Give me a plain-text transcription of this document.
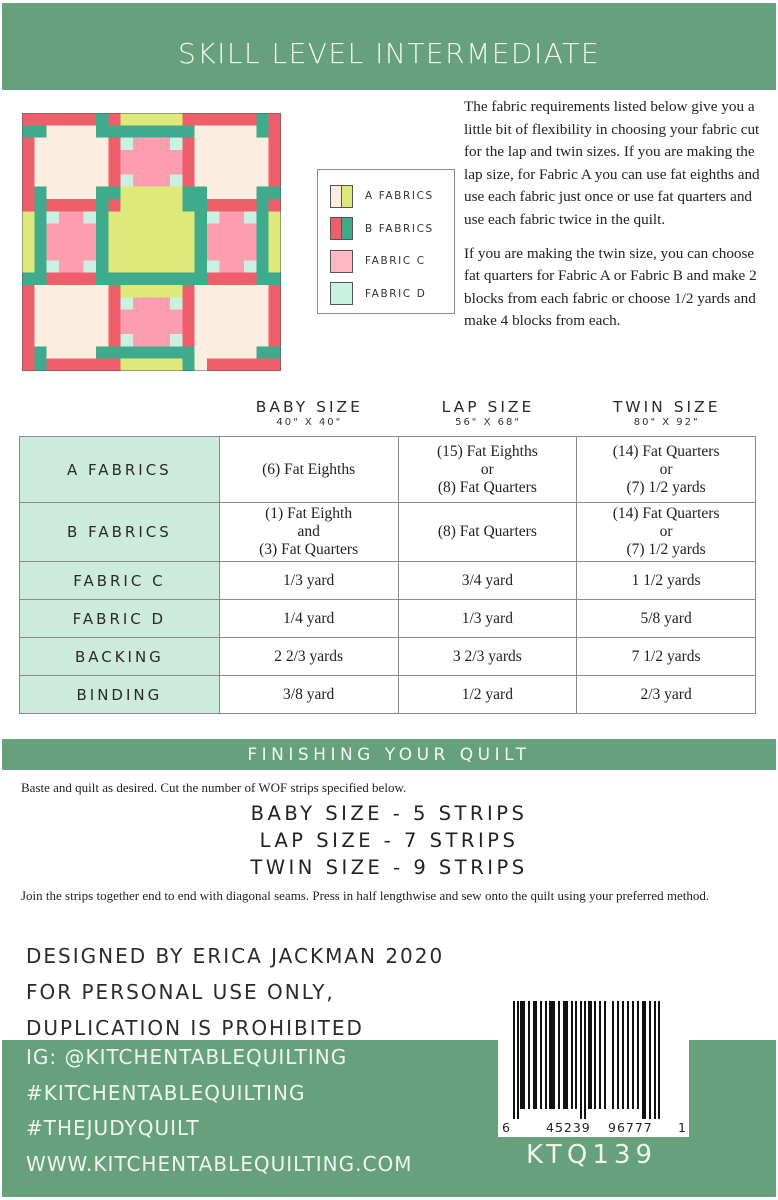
SKILL LEVEL INTERMEDIATE
A FABRICS
B FABRICS
FABRIC C
FABRIC D

The fabric requirements listed below give you a little bit of flexibility in choosing your fabric cut for the lap and twin sizes. If you are making the lap size, for Fabric A you can use fat eighths and use each fabric just once or use fat quarters and use each fabric twice in the quilt.

If you are making the twin size, you can choose fat quarters for Fabric A or Fabric B and make 2 blocks from each fabric or choose 1/2 yards and make 4 blocks from each.

BABY SIZE
40" X 40"
LAP SIZE
56" X 68"
TWIN SIZE
80" X 92"
A FABRICS	(6) Fat Eighths	(15) Fat Eighths
or
(8) Fat Quarters	(14) Fat Quarters
or
(7) 1/2 yards

B FABRICS	(1) Fat Eighth
and
(3) Fat Quarters	(8) Fat Quarters	(14) Fat Quarters
or
(7) 1/2 yards

FABRIC C	1/3 yard	3/4 yard	1 1/2 yards
FABRIC D	1/4 yard	1/3 yard	5/8 yard
BACKING	2 2/3 yards	3 2/3 yards	7 1/2 yards
BINDING	3/8 yard	1/2 yard	2/3 yard
FINISHING YOUR QUILT
Baste and quilt as desired. Cut the number of WOF strips specified below.
BABY SIZE - 5 STRIPS
LAP SIZE - 7 STRIPS
TWIN SIZE - 9 STRIPS
Join the strips together end to end with diagonal seams. Press in half lengthwise and sew onto the quilt using your preferred method.
DESIGNED BY ERICA JACKMAN 2020
FOR PERSONAL USE ONLY,
DUPLICATION IS PROHIBITED
IG: @KITCHENTABLEQUILTING
#KITCHENTABLEQUILTING
#THEJUDYQUILT
WWW.KITCHENTABLEQUILTING.COM
6	45239 96777 1
KTQ139
